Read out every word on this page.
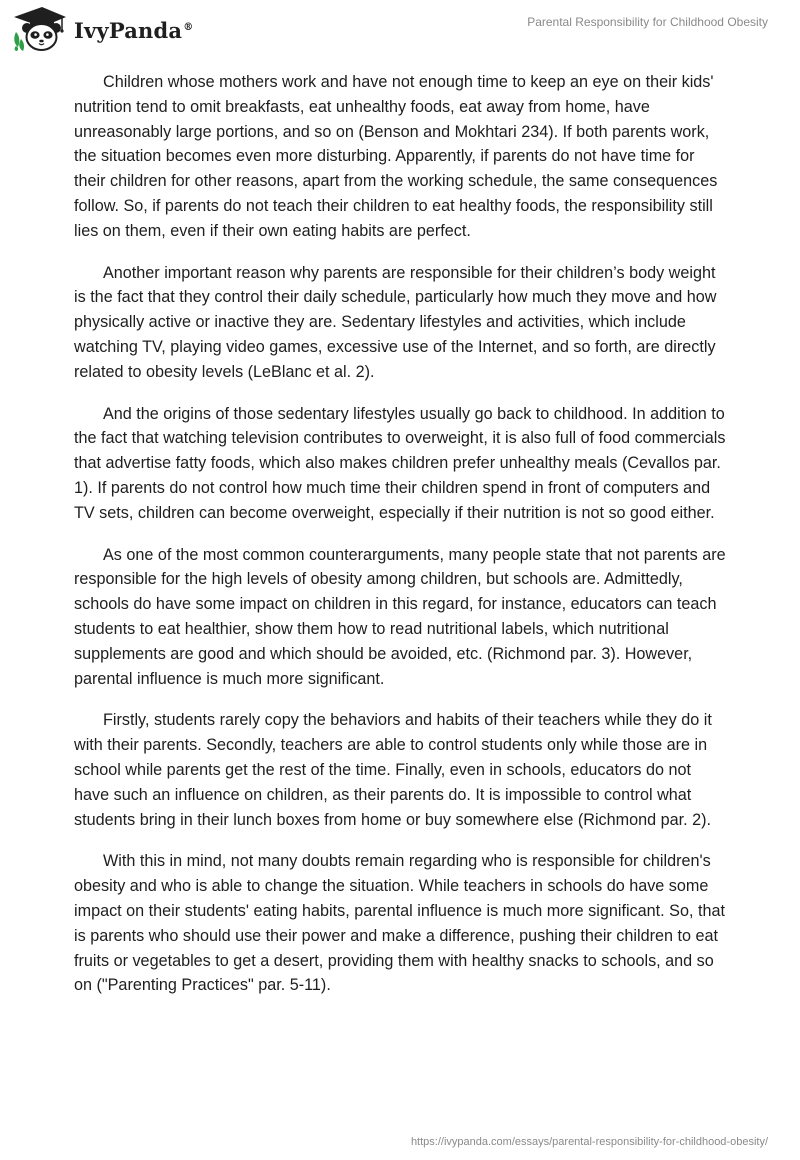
IvyPanda®	Parental Responsibility for Childhood Obesity

Children whose mothers work and have not enough time to keep an eye on their kids' nutrition tend to omit breakfasts, eat unhealthy foods, eat away from home, have unreasonably large portions, and so on (Benson and Mokhtari 234). If both parents work, the situation becomes even more disturbing. Apparently, if parents do not have time for their children for other reasons, apart from the working schedule, the same consequences follow. So, if parents do not teach their children to eat healthy foods, the responsibility still lies on them, even if their own eating habits are perfect.

Another important reason why parents are responsible for their children’s body weight is the fact that they control their daily schedule, particularly how much they move and how physically active or inactive they are. Sedentary lifestyles and activities, which include watching TV, playing video games, excessive use of the Internet, and so forth, are directly related to obesity levels (LeBlanc et al. 2).

And the origins of those sedentary lifestyles usually go back to childhood. In addition to the fact that watching television contributes to overweight, it is also full of food commercials that advertise fatty foods, which also makes children prefer unhealthy meals (Cevallos par. 1). If parents do not control how much time their children spend in front of computers and TV sets, children can become overweight, especially if their nutrition is not so good either.

As one of the most common counterarguments, many people state that not parents are responsible for the high levels of obesity among children, but schools are. Admittedly, schools do have some impact on children in this regard, for instance, educators can teach students to eat healthier, show them how to read nutritional labels, which nutritional supplements are good and which should be avoided, etc. (Richmond par. 3). However, parental influence is much more significant.

Firstly, students rarely copy the behaviors and habits of their teachers while they do it with their parents. Secondly, teachers are able to control students only while those are in school while parents get the rest of the time. Finally, even in schools, educators do not have such an influence on children, as their parents do. It is impossible to control what students bring in their lunch boxes from home or buy somewhere else (Richmond par. 2).

With this in mind, not many doubts remain regarding who is responsible for children's obesity and who is able to change the situation. While teachers in schools do have some impact on their students' eating habits, parental influence is much more significant. So, that is parents who should use their power and make a difference, pushing their children to eat fruits or vegetables to get a desert, providing them with healthy snacks to schools, and so on ("Parenting Practices" par. 5-11).

https://ivypanda.com/essays/parental-responsibility-for-childhood-obesity/
